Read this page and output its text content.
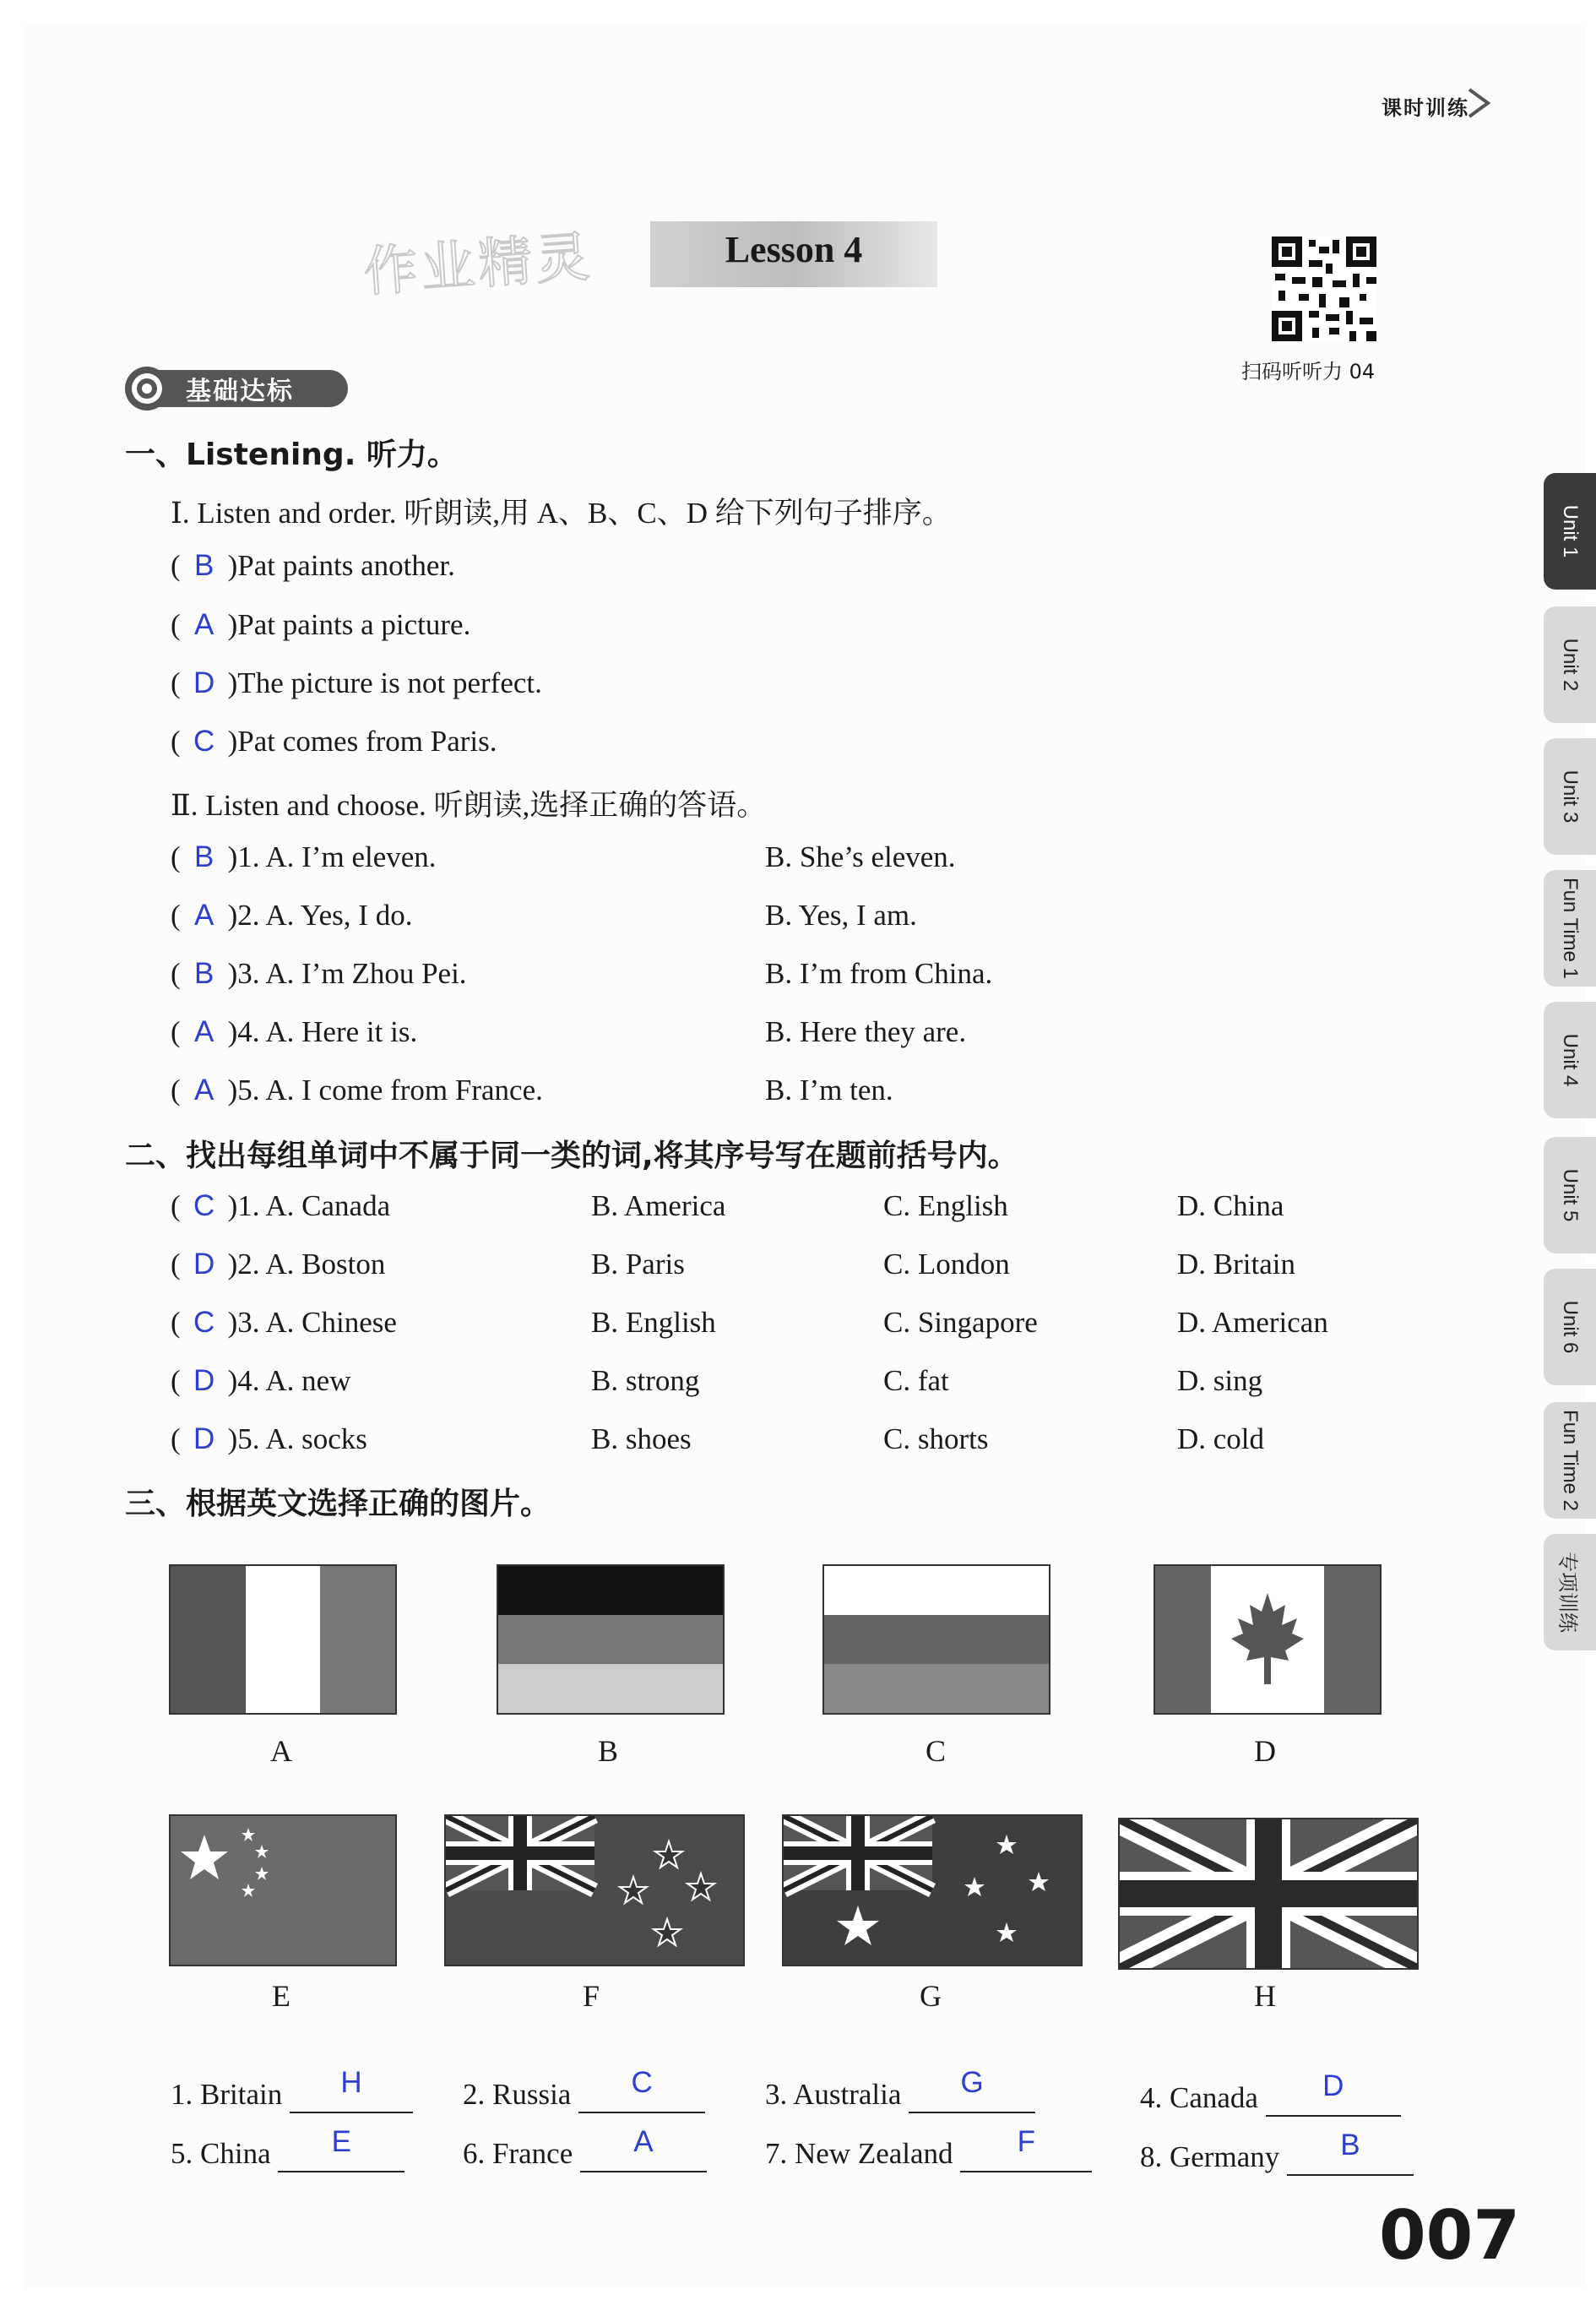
课时训练
作业精灵	Lesson 4
扫码听听力 04
基础达标
一、Listening. 听力。
Ⅰ. Listen and order. 听朗读,用 A、B、C、D 给下列句子排序。
( B )Pat paints another.
( A )Pat paints a picture.
( D )The picture is not perfect.
( C )Pat comes from Paris.
Ⅱ. Listen and choose. 听朗读,选择正确的答语。
( B )1. A. I’m eleven.	B. She’s eleven.
( A )2. A. Yes, I do.	B. Yes, I am.
( B )3. A. I’m Zhou Pei.	B. I’m from China.
( A )4. A. Here it is.	B. Here they are.
( A )5. A. I come from France.	B. I’m ten.
二、找出每组单词中不属于同一类的词,将其序号写在题前括号内。
( C )1. A. Canada	B. America	C. English	D. China
( D )2. A. Boston	B. Paris	C. London	D. Britain
( C )3. A. Chinese	B. English	C. Singapore	D. American
( D )4. A. new	B. strong	C. fat	D. sing
( D )5. A. socks	B. shoes	C. shorts	D. cold
三、根据英文选择正确的图片。
A	B	C	D
E	F	G	H
1. Britain H	2. Russia C	3. Australia G	4. Canada D
5. China E	6. France A	7. New Zealand F	8. Germany B
Unit 1
Unit 2
Unit 3
Fun Time 1
Unit 4
Unit 5
Unit 6
Fun Time 2
专项训练
007
